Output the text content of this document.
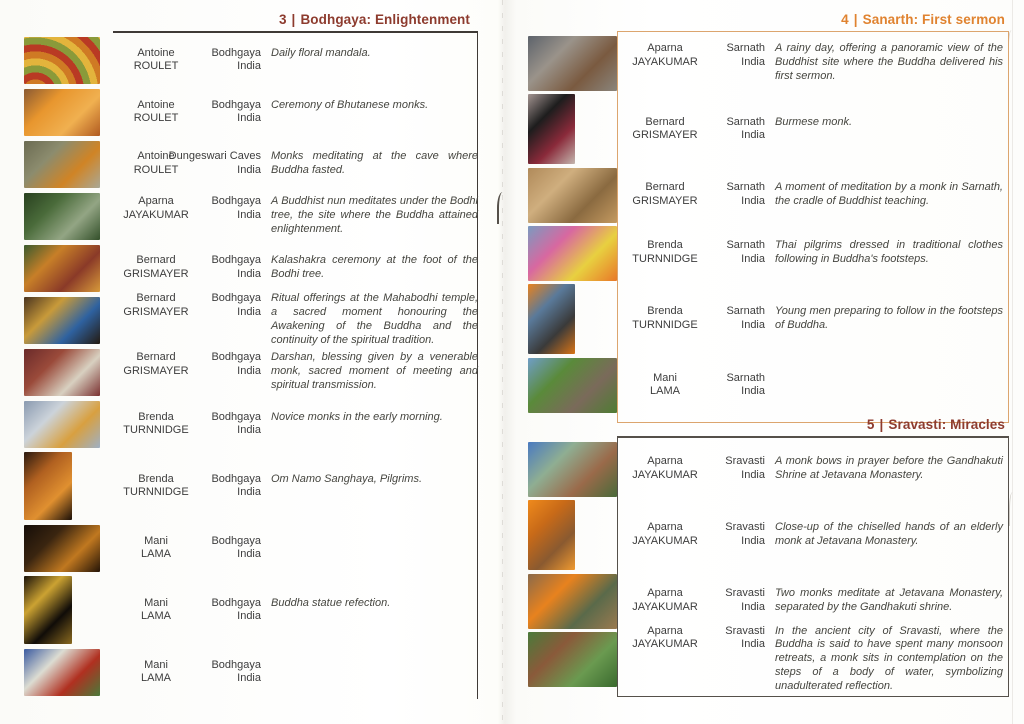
3 | Bodhgaya: Enlightenment
Antoine
ROULET
Bodhgaya
India
Daily floral mandala.
Antoine
ROULET
Bodhgaya
India
Ceremony of Bhutanese monks.
Antoine
ROULET
Dungeswari Caves
India
Monks meditating at the cave where Buddha fasted.
Aparna
JAYAKUMAR
Bodhgaya
India
A Buddhist nun meditates under the Bodhi tree, the site where the Buddha attained enlightenment.
Bernard
GRISMAYER
Bodhgaya
India
Kalashakra ceremony at the foot of the Bodhi tree.
Bernard
GRISMAYER
Bodhgaya
India
Ritual offerings at the Mahabodhi temple, a sacred moment honouring the Awakening of the Buddha and the continuity of the spiritual tradition.
Bernard
GRISMAYER
Bodhgaya
India
Darshan, blessing given by a venerable monk, sacred moment of meeting and spiritual transmission.
Brenda
TURNNIDGE
Bodhgaya
India
Novice monks in the early morning.
Brenda
TURNNIDGE
Bodhgaya
India
Om Namo Sanghaya, Pilgrims.
Mani
LAMA
Bodhgaya
India
Mani
LAMA
Bodhgaya
India
Buddha statue refection.
Mani
LAMA
Bodhgaya
India
4 | Sanarth: First sermon
Aparna
JAYAKUMAR
Sarnath
India
A rainy day, offering a panoramic view of the Buddhist site where the Buddha delivered his first sermon.
Bernard
GRISMAYER
Sarnath
India
Burmese monk.
Bernard
GRISMAYER
Sarnath
India
A moment of meditation by a monk in Sarnath, the cradle of Buddhist teaching.
Brenda
TURNNIDGE
Sarnath
India
Thai pilgrims dressed in traditional clothes following in Buddha's footsteps.
Brenda
TURNNIDGE
Sarnath
India
Young men preparing to follow in the footsteps of Buddha.
Mani
LAMA
Sarnath
India
5 | Sravasti: Miracles
Aparna
JAYAKUMAR
Sravasti
India
A monk bows in prayer before the Gandhakuti Shrine at Jetavana Monastery.
Aparna
JAYAKUMAR
Sravasti
India
Close-up of the chiselled hands of an elderly monk at Jetavana Monastery.
Aparna
JAYAKUMAR
Sravasti
India
Two monks meditate at Jetavana Monastery, separated by the Gandhakuti shrine.
Aparna
JAYAKUMAR
Sravasti
India
In the ancient city of Sravasti, where the Buddha is said to have spent many monsoon retreats, a monk sits in contemplation on the steps of a body of water, symbolizing unadulterated reflection.
